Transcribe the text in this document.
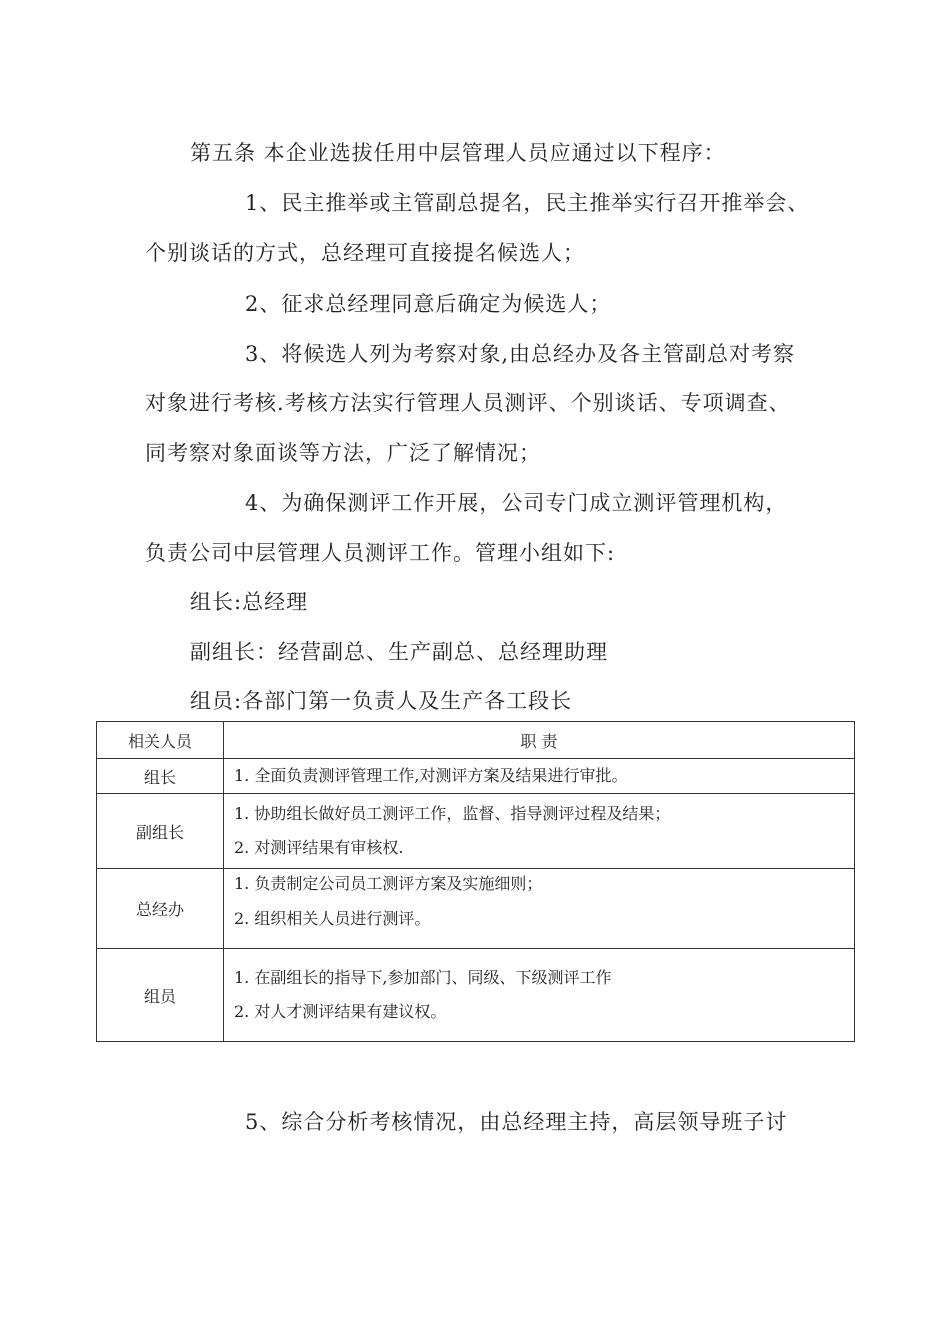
第五条 本企业选拔任用中层管理人员应通过以下程序：
1、民主推举或主管副总提名，民主推举实行召开推举会、
个别谈话的方式，总经理可直接提名候选人；
2、征求总经理同意后确定为候选人；
3、将候选人列为考察对象,由总经办及各主管副总对考察
对象进行考核.考核方法实行管理人员测评、个别谈话、专项调查、
同考察对象面谈等方法，广泛了解情况；
4、为确保测评工作开展，公司专门成立测评管理机构，
负责公司中层管理人员测评工作。管理小组如下:
组长:总经理
副组长：经营副总、生产副总、总经理助理
组员:各部门第一负责人及生产各工段长
相关人员	职 责
组长	1. 全面负责测评管理工作,对测评方案及结果进行审批。

副组长	1. 协助组长做好员工测评工作，监督、指导测评过程及结果；
2. 对测评结果有审核权.

总经办	1. 负责制定公司员工测评方案及实施细则；
2. 组织相关人员进行测评。

组员	1. 在副组长的指导下,参加部门、同级、下级测评工作
2. 对人才测评结果有建议权。
5、综合分析考核情况，由总经理主持，高层领导班子讨
